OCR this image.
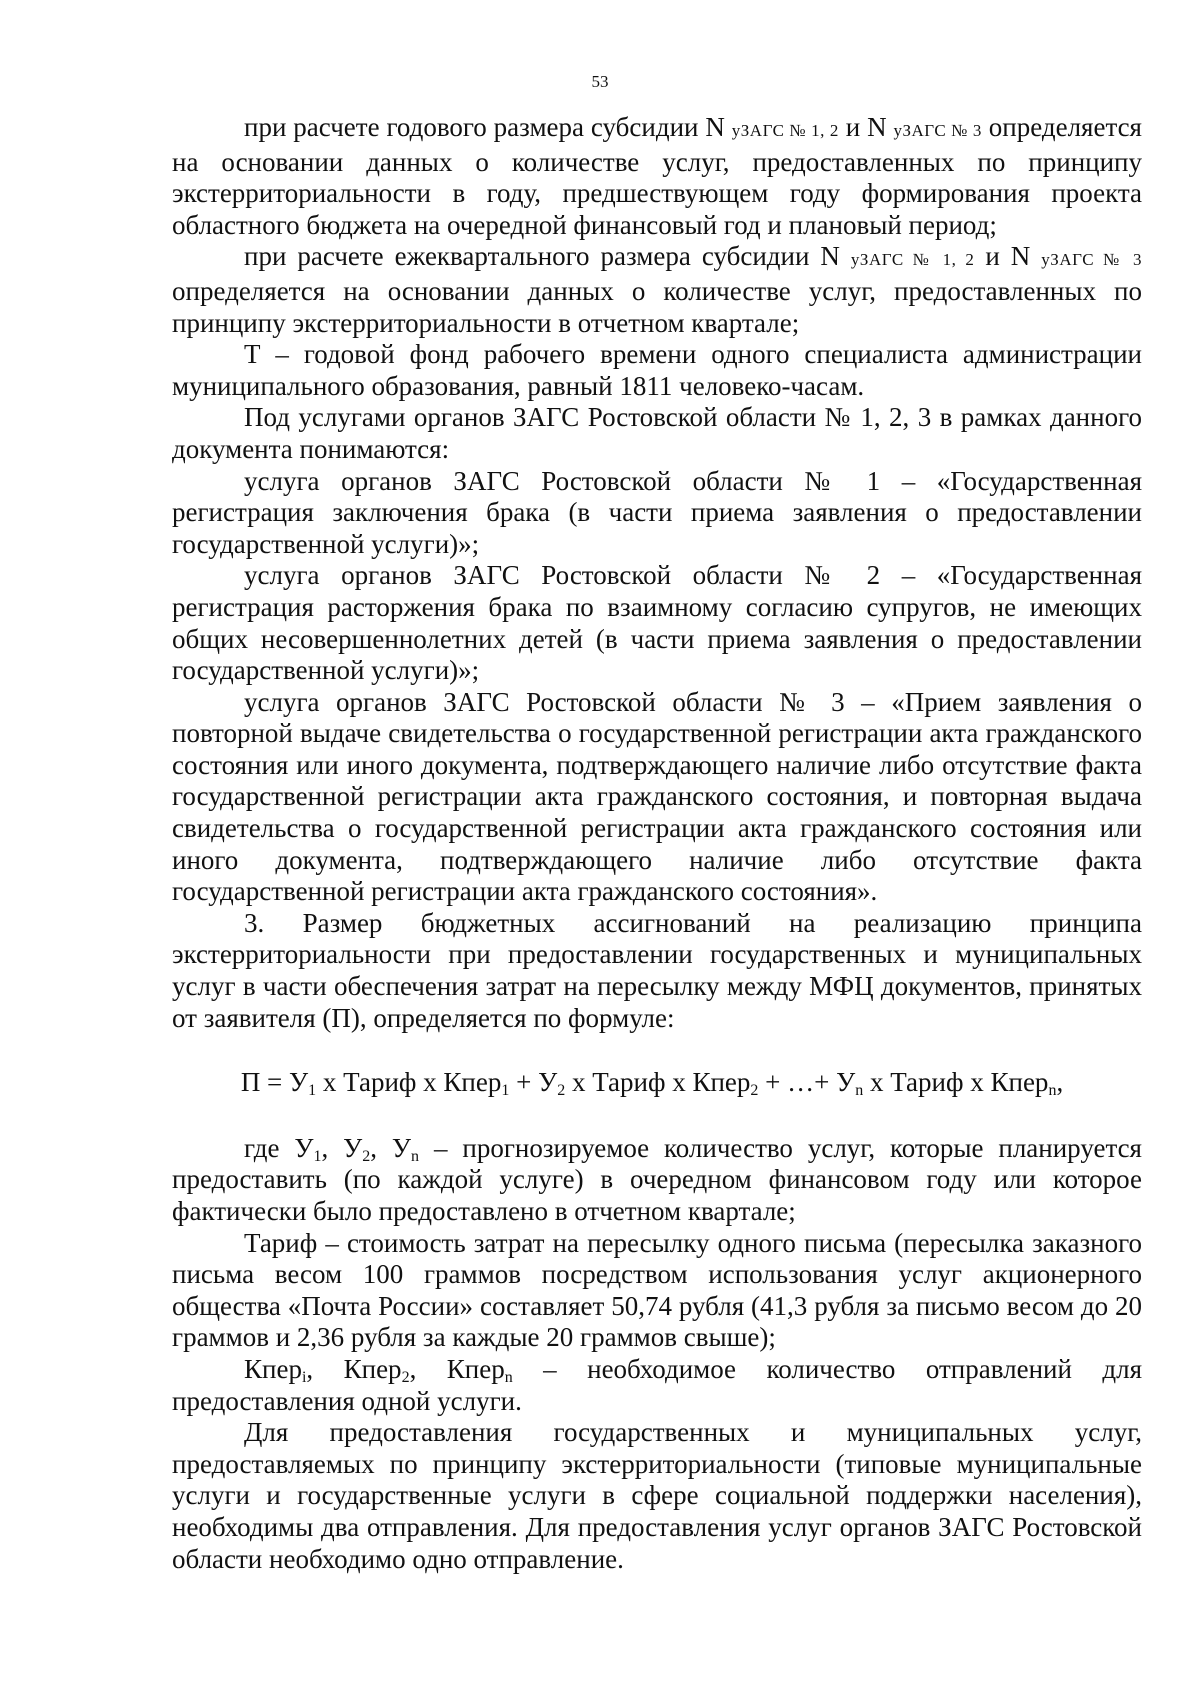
53

при расчете годового размера субсидии N уЗАГС № 1, 2 и N уЗАГС № 3 определяется на основании данных о количестве услуг, предоставленных по принципу экстерриториальности в году, предшествующем году формирования проекта областного бюджета на очередной финансовый год и плановый период;

при расчете ежеквартального размера субсидии N уЗАГС № 1, 2 и N уЗАГС № 3 определяется на основании данных о количестве услуг, предоставленных по принципу экстерриториальности в отчетном квартале;

Т – годовой фонд рабочего времени одного специалиста администрации муниципального образования, равный 1811 человеко-часам.

Под услугами органов ЗАГС Ростовской области № 1, 2, 3 в рамках данного документа понимаются:

услуга органов ЗАГС Ростовской области № 1 – «Государственная регистрация заключения брака (в части приема заявления о предоставлении государственной услуги)»;

услуга органов ЗАГС Ростовской области № 2 – «Государственная регистрация расторжения брака по взаимному согласию супругов, не имеющих общих несовершеннолетних детей (в части приема заявления о предоставлении государственной услуги)»;

услуга органов ЗАГС Ростовской области № 3 – «Прием заявления о повторной выдаче свидетельства о государственной регистрации акта гражданского состояния или иного документа, подтверждающего наличие либо отсутствие факта государственной регистрации акта гражданского состояния, и повторная выдача свидетельства о государственной регистрации акта гражданского состояния или иного документа, подтверждающего наличие либо отсутствие факта государственной регистрации акта гражданского состояния».

3. Размер бюджетных ассигнований на реализацию принципа экстерриториальности при предоставлении государственных и муниципальных услуг в части обеспечения затрат на пересылку между МФЦ документов, принятых от заявителя (П), определяется по формуле:

$П = У_1$ х Тариф х Кпер$_1$ + $У_2$ х Тариф х Кпер$_2$ + …+ $У_n$ х Тариф х Кпер$_n$,

где $У_1$, $У_2$, $У_n$ – прогнозируемое количество услуг, которые планируется предоставить (по каждой услуге) в очередном финансовом году или которое фактически было предоставлено в отчетном квартале;

Тариф – стоимость затрат на пересылку одного письма (пересылка заказного письма весом 100 граммов посредством использования услуг акционерного общества «Почта России» составляет 50,74 рубля (41,3 рубля за письмо весом до 20 граммов и 2,36 рубля за каждые 20 граммов свыше);

Кпер$_i$, Кпер$_2$, Кпер$_n$ – необходимое количество отправлений для предоставления одной услуги.

Для предоставления государственных и муниципальных услуг, предоставляемых по принципу экстерриториальности (типовые муниципальные услуги и государственные услуги в сфере социальной поддержки населения), необходимы два отправления. Для предоставления услуг органов ЗАГС Ростовской области необходимо одно отправление.
